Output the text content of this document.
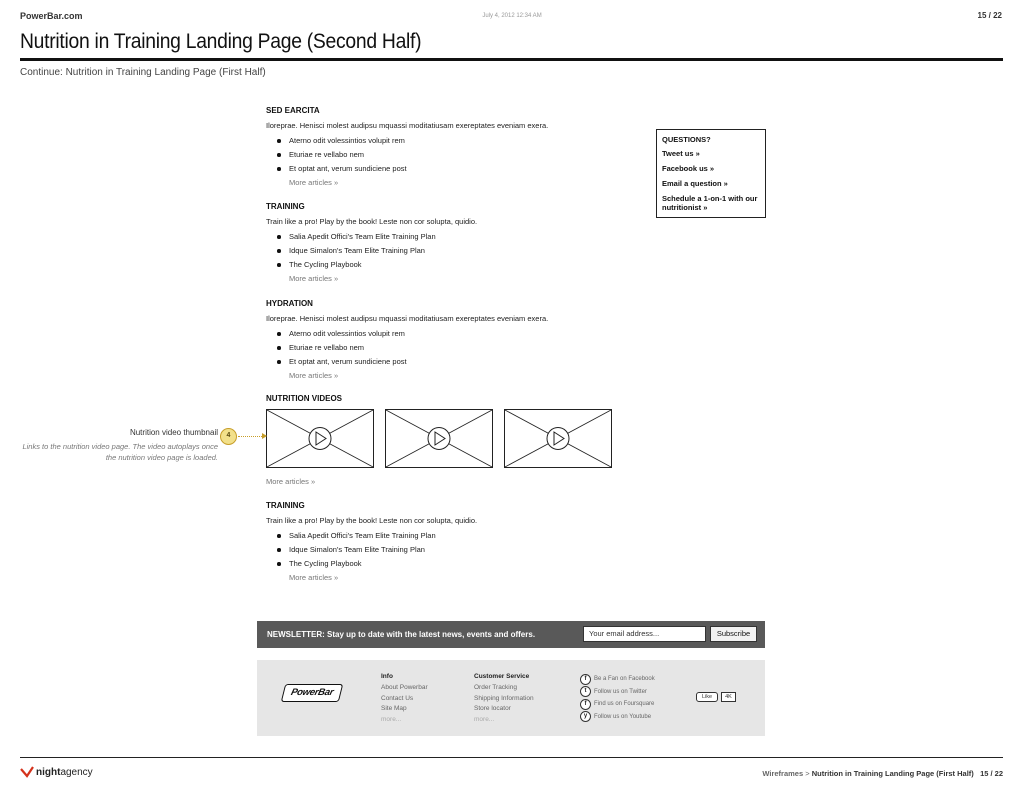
PowerBar.com	July 4, 2012 12:34 AM	15 / 22
Nutrition in Training Landing Page (Second Half)
Continue: Nutrition in Training Landing Page (First Half)

SED EARCITA

Iloreprae. Henisci molest audipsu mquassi moditatiusam exereptates eveniam exera.

Aterno odit volessintios volupit rem
Eturiae re vellabo nem
Et optat ant, verum sundiciene post
More articles »

TRAINING

Train like a pro! Play by the book! Leste non cor solupta, quidio.

Salia Apedit Offici's Team Elite Training Plan
Idque Simalon's Team Elite Training Plan
The Cycling Playbook
More articles »

HYDRATION

Iloreprae. Henisci molest audipsu mquassi moditatiusam exereptates eveniam exera.

Aterno odit volessintios volupit rem
Eturiae re vellabo nem
Et optat ant, verum sundiciene post
More articles »

NUTRITION VIDEOS

More articles »

TRAINING

Train like a pro! Play by the book! Leste non cor solupta, quidio.

Salia Apedit Offici's Team Elite Training Plan
Idque Simalon's Team Elite Training Plan
The Cycling Playbook
More articles »

QUESTIONS?

Tweet us »

Facebook us »

Email a question »

Schedule a 1-on-1 with our nutritionist »

Nutrition video thumbnail
Links to the nutrition video page. The video autoplays once the nutrition video page is loaded.
4
NEWSLETTER: Stay up to date with the latest news, events and offers.	Your email address...	Subscribe
PowerBar
Info
About Powerbar
Contact Us
Site Map
more...
Customer Service
Order Tracking
Shipping Information
Store locator
more...
f	Be a Fan on Facebook
t	Follow us on Twitter
f	Find us on Foursquare
y	Follow us on Youtube
Like	4K
nightagency	Wireframes > Nutrition in Training Landing Page (First Half) 15 / 22
